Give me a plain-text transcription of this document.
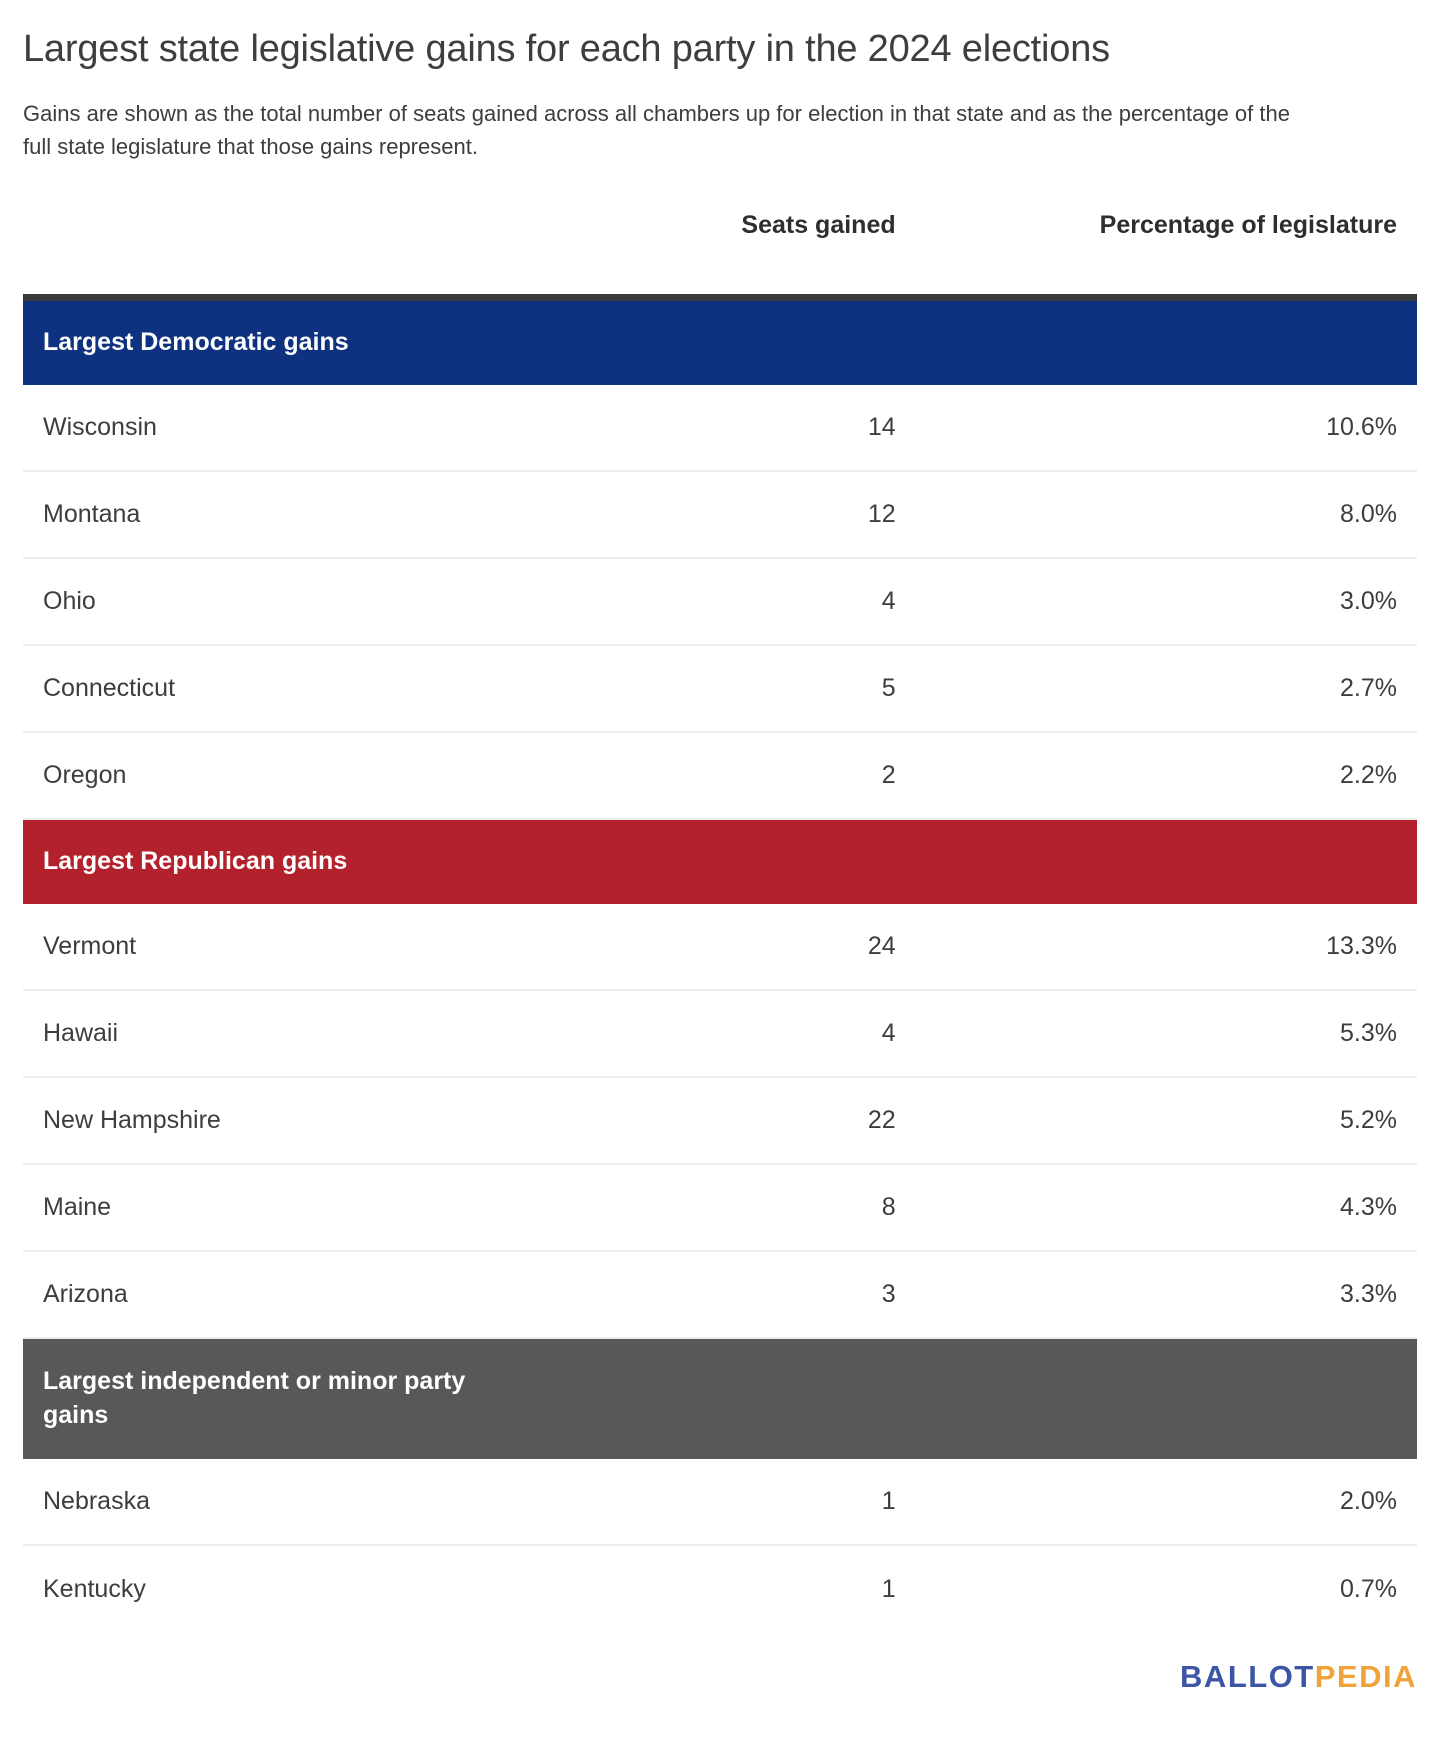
Largest state legislative gains for each party in the 2024 elections

Gains are shown as the total number of seats gained across all chambers up for election in that state and as the percentage of the full state legislature that those gains represent.

Seats gained	Percentage of legislature
Largest Democratic gains
Wisconsin	14	10.6%
Montana	12	8.0%
Ohio	4	3.0%
Connecticut	5	2.7%
Oregon	2	2.2%
Largest Republican gains
Vermont	24	13.3%
Hawaii	4	5.3%
New Hampshire	22	5.2%
Maine	8	4.3%
Arizona	3	3.3%
Largest independent or minor party gains
Nebraska	1	2.0%
Kentucky	1	0.7%
BALLOTPEDIA
